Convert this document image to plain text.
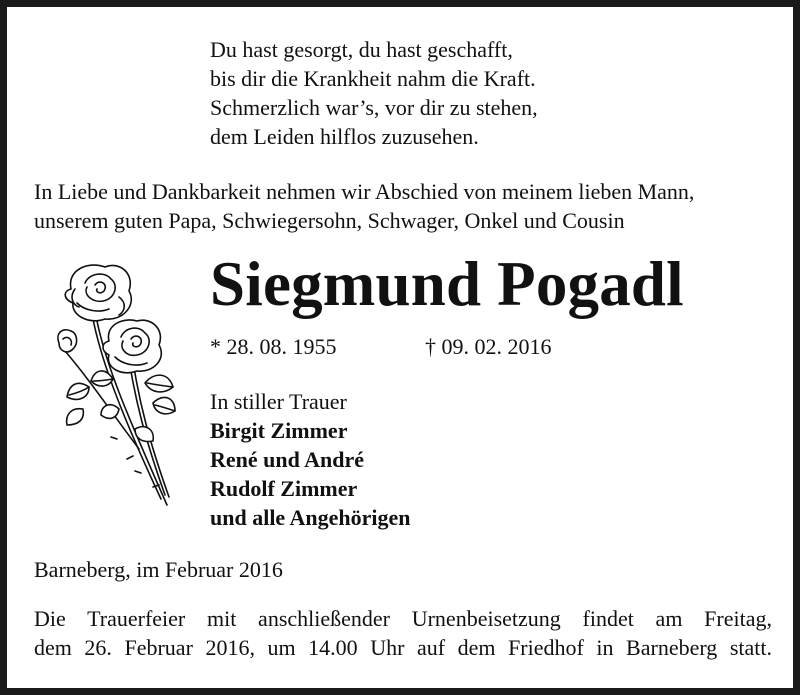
Du hast gesorgt, du hast geschafft,
bis dir die Krankheit nahm die Kraft.
Schmerzlich war’s, vor dir zu stehen,
dem Leiden hilflos zuzusehen.
In Liebe und Dankbarkeit nehmen wir Abschied von meinem lieben Mann,
unserem guten Papa, Schwiegersohn, Schwager, Onkel und Cousin
Siegmund Pogadl
* 28. 08. 1955	† 09. 02. 2016
In stiller Trauer
Birgit Zimmer
René und André
Rudolf Zimmer
und alle Angehörigen
Barneberg, im Februar 2016
Die Trauerfeier mit anschließender Urnenbeisetzung findet am Freitag,
dem 26. Februar 2016, um 14.00 Uhr auf dem Friedhof in Barneberg statt.
